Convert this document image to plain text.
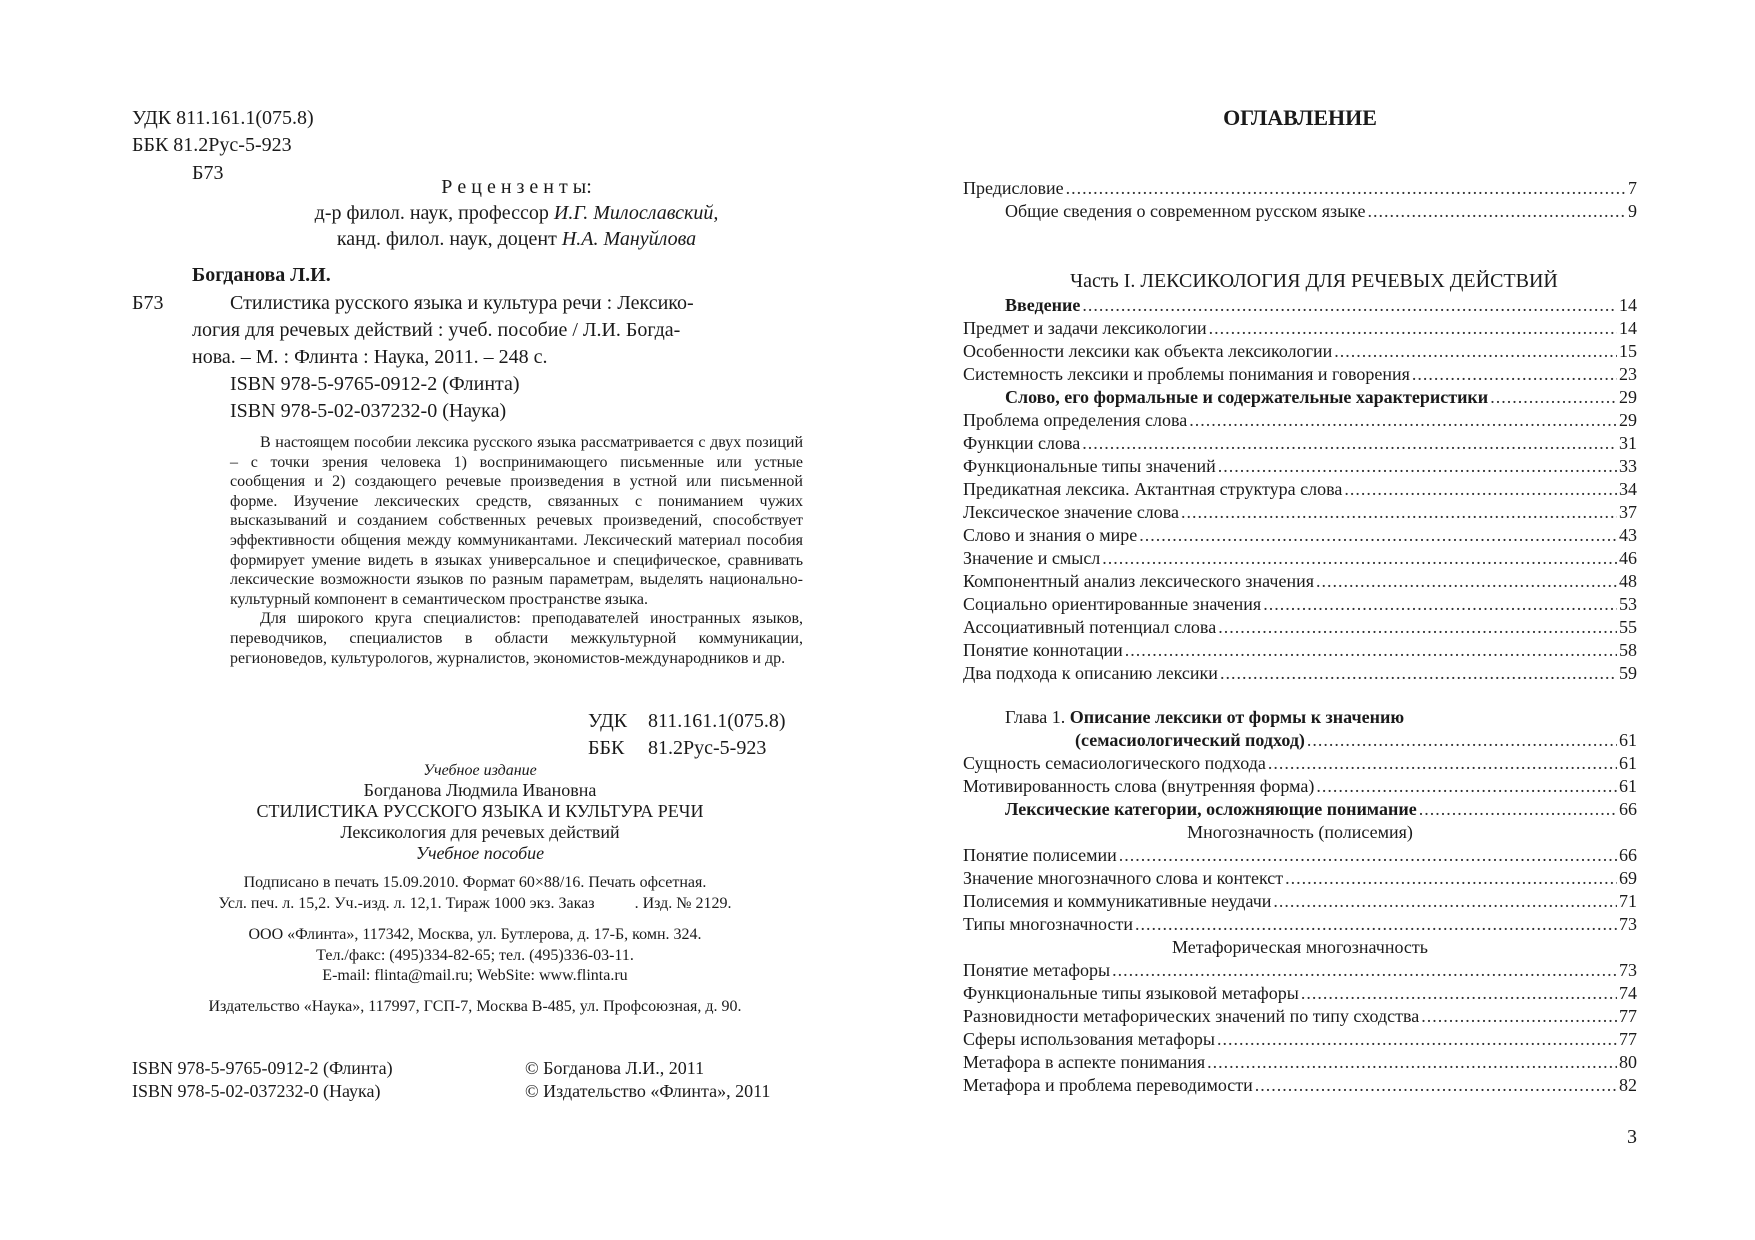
УДК 811.161.1(075.8)
ББК 81.2Рус-5-923
Б73
Р е ц е н з е н т ы:
д-р филол. наук, профессор И.Г. Милославский,
канд. филол. наук, доцент Н.А. Мануйлова
Богданова Л.И.
Б73	Стилистика русского языка и культура речи : Лексико-
логия для речевых действий : учеб. пособие / Л.И. Богда-
нова. – М. : Флинта : Наука, 2011. – 248 с.
ISBN 978-5-9765-0912-2 (Флинта)
ISBN 978-5-02-037232-0 (Наука)

В настоящем пособии лексика русского языка рассматривается с двух позиций – с точки зрения человека 1) воспринимающего письменные или устные сообщения и 2) создающего речевые произведения в устной или письменной форме. Изучение лексических средств, связанных с пониманием чужих высказываний и созданием собственных речевых произведений, способствует эффективности общения между коммуникантами. Лексический материал пособия формирует умение видеть в языках универсальное и специфическое, сравнивать лексические возможности языков по разным параметрам, выделять национально-культурный компонент в семантическом пространстве языка.

Для широкого круга специалистов: преподавателей иностранных языков, переводчиков, специалистов в области межкультурной коммуникации, регионоведов, культурологов, журналистов, экономистов-международников и др.

УДК 811.161.1(075.8)
ББК 81.2Рус-5-923
Учебное издание
Богданова Людмила Ивановна
СТИЛИСТИКА РУССКОГО ЯЗЫКА И КУЛЬТУРА РЕЧИ
Лексикология для речевых действий
Учебное пособие
Подписано в печать 15.09.2010. Формат 60×88/16. Печать офсетная.
Усл. печ. л. 15,2. Уч.-изд. л. 12,1. Тираж 1000 экз. Заказ          . Изд. № 2129.
ООО «Флинта», 117342, Москва, ул. Бутлерова, д. 17-Б, комн. 324.
Тел./факс: (495)334-82-65; тел. (495)336-03-11.
E-mail: flinta@mail.ru; WebSite: www.flinta.ru
Издательство «Наука», 117997, ГСП-7, Москва В-485, ул. Профсоюзная, д. 90.
ISBN 978-5-9765-0912-2 (Флинта)
ISBN 978-5-02-037232-0 (Наука)
© Богданова Л.И., 2011
© Издательство «Флинта», 2011
ОГЛАВЛЕНИЕ
Предисловие .....	7
Общие сведения о современном русском языке .....	9
Часть I. ЛЕКСИКОЛОГИЯ ДЛЯ РЕЧЕВЫХ ДЕЙСТВИЙ
Введение .....	14
Предмет и задачи лексикологии .....	14
Особенности лексики как объекта лексикологии .....	15
Системность лексики и проблемы понимания и говорения .....	23
Слово, его формальные и содержательные характеристики .....	29
Проблема определения слова .....	29
Функции слова .....	31
Функциональные типы значений .....	33
Предикатная лексика. Актантная структура слова .....	34
Лексическое значение слова .....	37
Слово и знания о мире .....	43
Значение и смысл .....	46
Компонентный анализ лексического значения .....	48
Социально ориентированные значения .....	53
Ассоциативный потенциал слова .....	55
Понятие коннотации .....	58
Два подхода к описанию лексики .....	59
Глава 1. Описание лексики от формы к значению
(семасиологический подход) .....	61
Сущность семасиологического подхода .....	61
Мотивированность слова (внутренняя форма) .....	61
Лексические категории, осложняющие понимание .....	66
Многозначность (полисемия)
Понятие полисемии .....	66
Значение многозначного слова и контекст .....	69
Полисемия и коммуникативные неудачи .....	71
Типы многозначности .....	73
Метафорическая многозначность
Понятие метафоры .....	73
Функциональные типы языковой метафоры .....	74
Разновидности метафорических значений по типу сходства .....	77
Сферы использования метафоры .....	77
Метафора в аспекте понимания .....	80
Метафора и проблема переводимости .....	82
3
